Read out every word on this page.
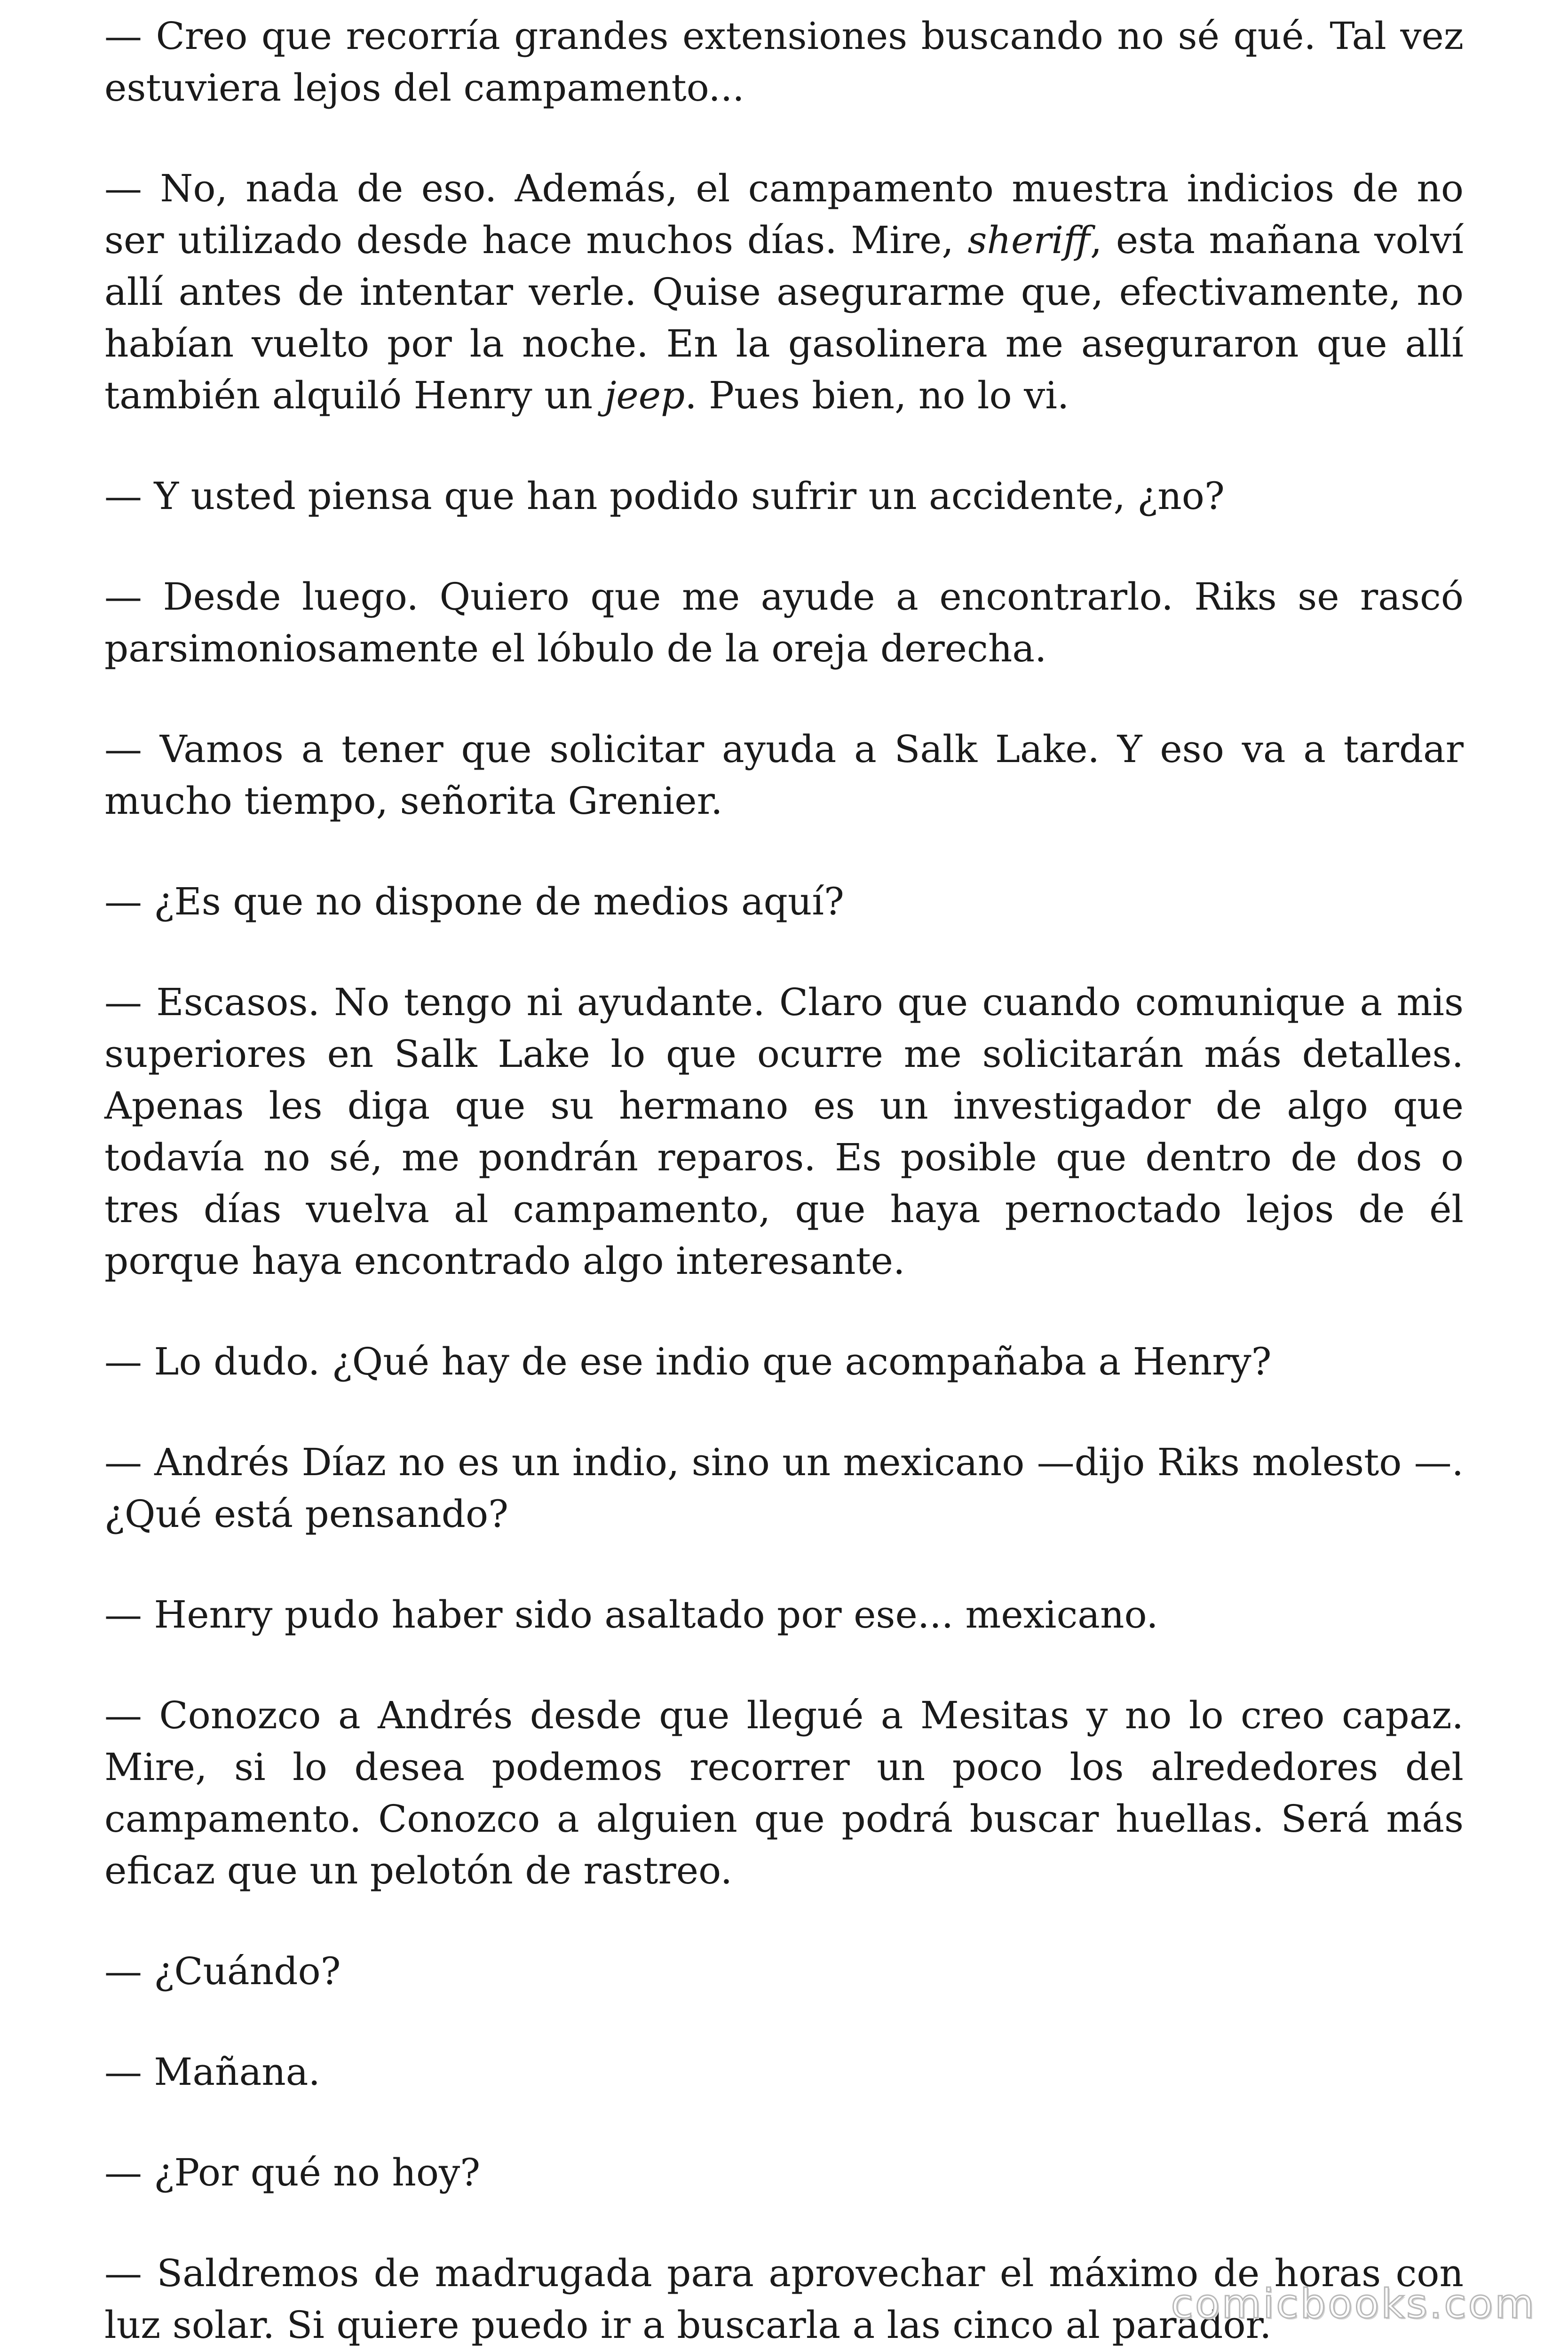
— Creo que recorría grandes extensiones buscando no sé qué. Tal vez estuviera lejos del campamento...

— No, nada de eso. Además, el campamento muestra indicios de no ser utilizado desde hace muchos días. Mire, sheriff, esta mañana volví allí antes de intentar verle. Quise asegurarme que, efectivamente, no habían vuelto por la noche. En la gasolinera me aseguraron que allí también alquiló Henry un jeep. Pues bien, no lo vi.

— Y usted piensa que han podido sufrir un accidente, ¿no?

— Desde luego. Quiero que me ayude a encontrarlo. Riks se rascó parsimoniosamente el lóbulo de la oreja derecha.

— Vamos a tener que solicitar ayuda a Salk Lake. Y eso va a tardar mucho tiempo, señorita Grenier.

— ¿Es que no dispone de medios aquí?

— Escasos. No tengo ni ayudante. Claro que cuando comunique a mis superiores en Salk Lake lo que ocurre me solicitarán más detalles. Apenas les diga que su hermano es un investigador de algo que todavía no sé, me pondrán reparos. Es posible que dentro de dos o tres días vuelva al campamento, que haya pernoctado lejos de él porque haya encontrado algo interesante.

— Lo dudo. ¿Qué hay de ese indio que acompañaba a Henry?

— Andrés Díaz no es un indio, sino un mexicano —dijo Riks molesto —. ¿Qué está pensando?

— Henry pudo haber sido asaltado por ese... mexicano.

— Conozco a Andrés desde que llegué a Mesitas y no lo creo capaz. Mire, si lo desea podemos recorrer un poco los alrededores del campamento. Conozco a alguien que podrá buscar huellas. Será más eficaz que un pelotón de rastreo.

— ¿Cuándo?

— Mañana.

— ¿Por qué no hoy?

— Saldremos de madrugada para aprovechar el máximo de horas con luz solar. Si quiere puedo ir a buscarla a las cinco al parador.

comicbooks.com
